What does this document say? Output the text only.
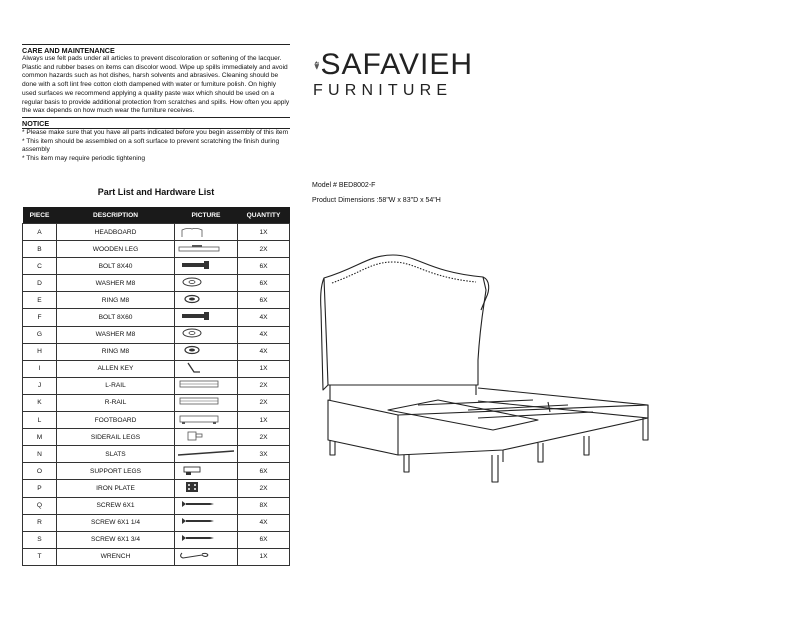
CARE AND MAINTENANCE
Always use felt pads under all articles to prevent discoloration or softening of the lacquer. Plastic and rubber bases on items can discolor wood. Wipe up spills immediately and avoid common hazards such as hot dishes, harsh solvents and abrasives. Cleaning should be done with a soft lint free cotton cloth dampened with water or furniture polish. On highly used surfaces we recommend applying a quality paste wax which should be used on a regular basis to provide additional protection from scratches and spills. How often you apply the wax depends on how much wear the furniture receives.
NOTICE
* Please make sure that you have all parts indicated before you begin assembly of this item
* This item should be assembled on a soft surface to prevent scratching the finish during assembly
* This item may require periodic tightening
Part List and Hardware List
PIECE	DESCRIPTION	PICTURE	QUANTITY
A	HEADBOARD		1X
B	WOODEN LEG		2X
C	BOLT 8X40		6X
D	WASHER M8		6X
E	RING M8		6X
F	BOLT 8X60		4X
G	WASHER M8		4X
H	RING M8		4X
I	ALLEN KEY		1X
J	L-RAIL		2X
K	R-RAIL		2X
L	FOOTBOARD		1X
M	SIDERAIL LEGS		2X
N	SLATS		3X
O	SUPPORT LEGS		6X
P	IRON PLATE		2X
Q	SCREW 6X1		8X
R	SCREW 6X1 1/4		4X
S	SCREW 6X1 3/4		6X
T	WRENCH		1X
SAFAVIEH
FURNITURE
Model # BED8002-F
Product Dimensions :58"W x 83"D x 54"H
